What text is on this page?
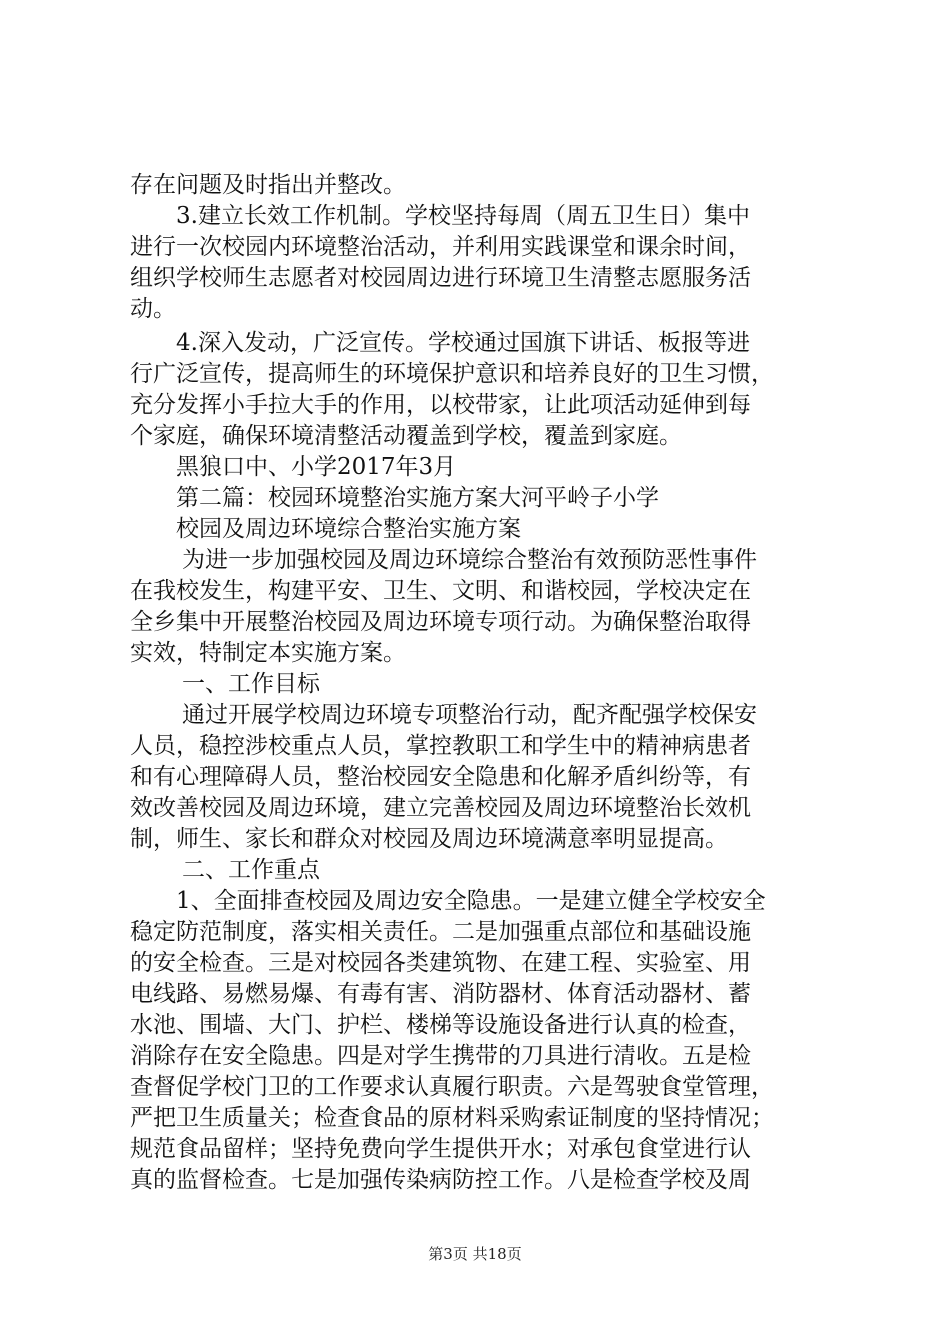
存在问题及时指出并整改。
3.建立长效工作机制。学校坚持每周（周五卫生日）集中
进行一次校园内环境整治活动，并利用实践课堂和课余时间，
组织学校师生志愿者对校园周边进行环境卫生清整志愿服务活
动。
4.深入发动，广泛宣传。学校通过国旗下讲话、板报等进
行广泛宣传，提高师生的环境保护意识和培养良好的卫生习惯，
充分发挥小手拉大手的作用，以校带家，让此项活动延伸到每
个家庭，确保环境清整活动覆盖到学校，覆盖到家庭。
黑狼口中、小学2017年3月
第二篇：校园环境整治实施方案大河平岭子小学
校园及周边环境综合整治实施方案
为进一步加强校园及周边环境综合整治有效预防恶性事件
在我校发生，构建平安、卫生、文明、和谐校园，学校决定在
全乡集中开展整治校园及周边环境专项行动。为确保整治取得
实效，特制定本实施方案。
一、工作目标
通过开展学校周边环境专项整治行动，配齐配强学校保安
人员，稳控涉校重点人员，掌控教职工和学生中的精神病患者
和有心理障碍人员，整治校园安全隐患和化解矛盾纠纷等，有
效改善校园及周边环境，建立完善校园及周边环境整治长效机
制，师生、家长和群众对校园及周边环境满意率明显提高。
二、工作重点
1、全面排查校园及周边安全隐患。一是建立健全学校安全
稳定防范制度，落实相关责任。二是加强重点部位和基础设施
的安全检查。三是对校园各类建筑物、在建工程、实验室、用
电线路、易燃易爆、有毒有害、消防器材、体育活动器材、蓄
水池、围墙、大门、护栏、楼梯等设施设备进行认真的检查，
消除存在安全隐患。四是对学生携带的刀具进行清收。五是检
查督促学校门卫的工作要求认真履行职责。六是驾驶食堂管理，
严把卫生质量关；检查食品的原材料采购索证制度的坚持情况；
规范食品留样；坚持免费向学生提供开水；对承包食堂进行认
真的监督检查。七是加强传染病防控工作。八是检查学校及周
第3页 共18页
